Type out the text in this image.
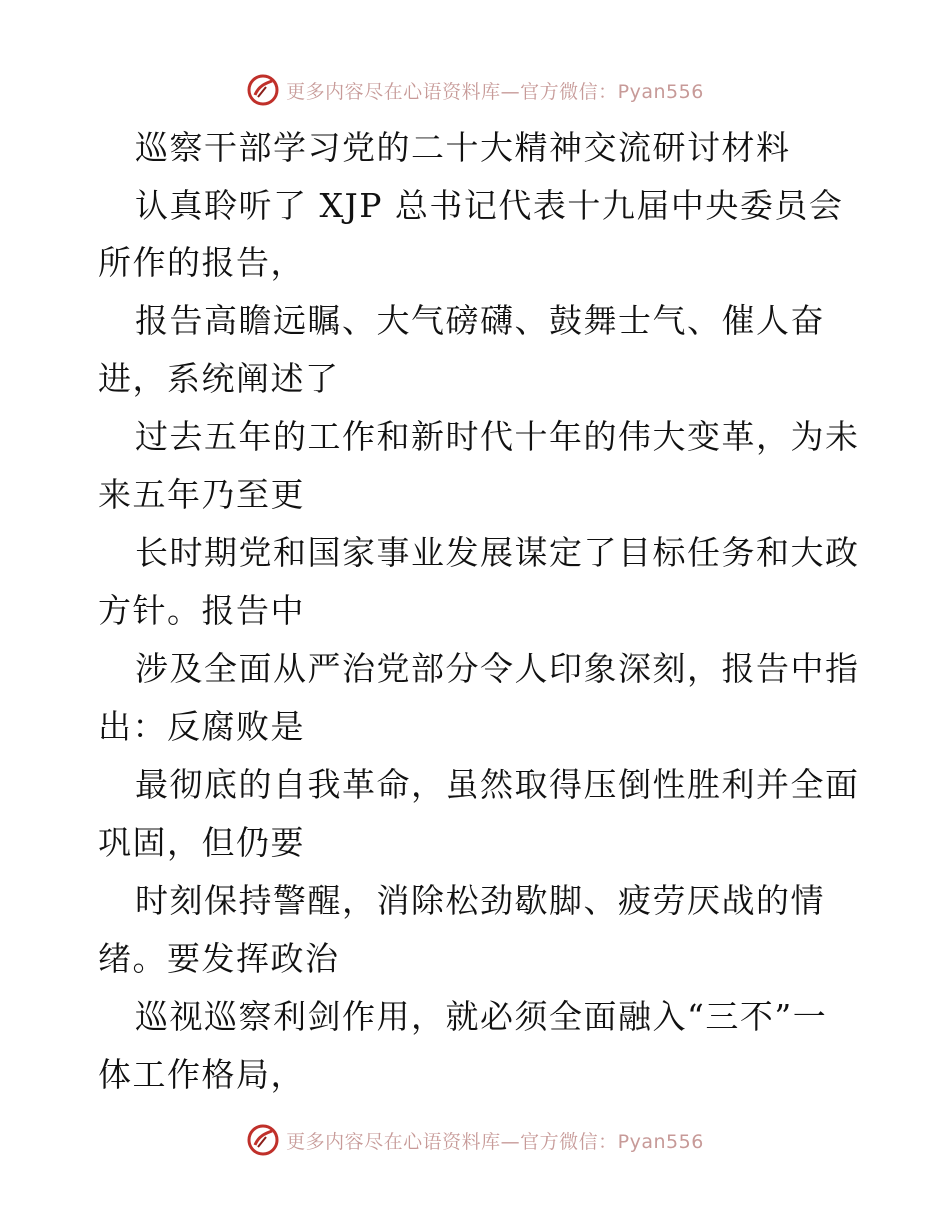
更多内容尽在心语资料库—官方微信：Pyan556
巡察干部学习党的二十大精神交流研讨材料
认真聆听了 XJP 总书记代表十九届中央委员会
所作的报告，
报告高瞻远瞩、大气磅礴、鼓舞士气、催人奋
进，系统阐述了
过去五年的工作和新时代十年的伟大变革，为未
来五年乃至更
长时期党和国家事业发展谋定了目标任务和大政
方针。报告中
涉及全面从严治党部分令人印象深刻，报告中指
出：反腐败是
最彻底的自我革命，虽然取得压倒性胜利并全面
巩固，但仍要
时刻保持警醒，消除松劲歇脚、疲劳厌战的情
绪。要发挥政治
巡视巡察利剑作用，就必须全面融入“三不”一
体工作格局，
更多内容尽在心语资料库—官方微信：Pyan556
